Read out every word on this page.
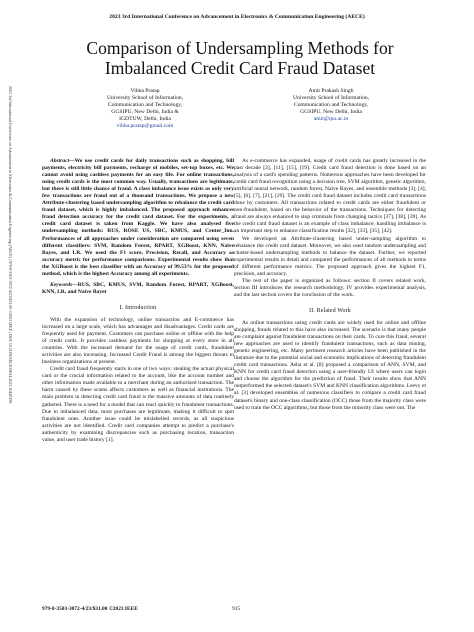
2023 3rd International Conference on Advancement in Electronics & Communication Engineering (AECE)
2023 3rd International Conference on Advancement in Electronics & Communication Engineering (AECE) | 979-8-3503-3072-4/23/$31.00 ©2023 IEEE | DOI: 10.1109/AECE59614.2023.10428199
Comparison of Undersampling Methods for
Imbalanced Credit Card Fraud Dataset
Vibha Pratap
University School of Information,
Communication and Technology,
GGSIPU, New Delhi, India &
IGDTUW, Delhi, India
vibha.pratap@gmail.com
Amit Prakash Singh
University School of Information,
Communication and Technology,
GGSIPU, New Delhi, India
amit@ipu.ac.in

Abstract—We use credit cards for daily transactions such as shopping, bill payments, electricity bill payments, recharge of mobiles, set-top boxes, etc. We cannot avoid using cashless payments for an easy life. For online transactions, using credit cards is the most common way. Usually, transactions are legitimate, but there is still little chance of fraud. A class imbalance issue exists as only very few transactions are fraud out of a thousand transactions. We propose a new Attribute-clustering based undersampling algorithm to rebalance the credit card fraud dataset, which is highly imbalanced. The proposed approach enhances fraud detection accuracy for the credit card dataset. For the experiments, a credit card dataset is taken from Kaggle. We have also analysed five undersampling methods: RUS, ROSE US, SBC, KMUS, and Center_Inn. Performances of all approaches under consideration are compared using seven different classifiers: SVM, Random Forest, RPART, XGBoost, KNN, Naive Bayes, and LR. We used the F1 score, Precision, Recall, and Accuracy as accuracy metric for performance comparisons. Experimental results show that the XGBoost is the best classifier with an Accuracy of 99.53% for the proposed method, which is the highest Accuracy among all experiments.

Keywords—RUS, SBC, KMUS, SVM, Random Forest, RPART, XGBoost, KNN, LR, and Naive Bayet

I. Introduction

With the expansion of technology, online transaction and E-commerce has increased on a large scale, which has advantages and disadvantages. Credit cards are frequently used for payment. Customers can purchase online or offline with the help of credit cards. It provides cashless payments for shopping at every store in all countries. With the increased demand for the usage of credit cards, fraudulent activities are also increasing. Increased Credit Fraud is among the biggest threats to business organizations at present.

Credit card fraud frequently starts in one of two ways: stealing the actual physical card or the crucial information related to the account, like the account number and other information made available to a merchant during an authorized transaction. The harm caused by these scams affects customers as well as financial institutions. The main problem in detecting credit card fraud is the massive amounts of data routinely gathered. There is a need for a model that can react quickly to fraudulent transactions. Due to imbalanced data, most purchases are legitimate, making it difficult to spot fraudulent ones. Another issue could be mislabelled records, as all suspicious activities are not identified. Credit card companies attempt to predict a purchase's authenticity by examining discrepancies such as purchasing location, transaction value, and user trade history [1].

As e-commerce has expanded, usage of credit cards has greatly increased in the past decade [2], [11], [15], [19]. Credit card fraud detection is done based on an analysis of a card's spending patterns. Numerous approaches have been developed for credit card fraud recognition using a decision tree, SVM algorithm, genetic algorithm, artificial neural network, random forest, Naive Bayes, and ensemble methods [3], [4], [5], [6], [7], [21], [29]. The credit card fraud dataset includes credit card transactions done by customers. All transactions related to credit cards are either fraudulent or non-fraudulent, based on the behavior of the transactions. Techniques for detecting fraud are always enhanced to stop criminals from changing tactics [37], [38], [39]. As the credit card fraud dataset is an example of class imbalance, handling imbalance is an important step to enhance classification results [32], [33], [35], [42].

We developed an Attribute-clustering based under-sampling algorithm to rebalance the credit card dataset. Moreover, we also used random undersampling and cluster-based undersampling methods to balance the dataset. Further, we reported experimental results in detail and compared the performances of all methods in terms of different performance metrics. The proposed approach gives the highest F1, precision, and accuracy.

The rest of the paper is organized as follows: section II covers related work, section III introduces the research methodology, IV provides experimental analysis, and the last section covers the conclusion of the work.

II. Related Work

As online transactions using credit cards are widely used for online and offline shopping, frauds related to this have also increased. The scenario is that many people are complaint against fraudulent transactions on their cards. To cure this fraud, several new approaches are used to identify fraudulent transactions, such as data mining, genetic engineering, etc. Many pertinent research articles have been published in the literature due to the potential social and economic implications of detecting fraudulent credit card transactions. Asha et al. [8] proposed a comparison of ANN, SVM, and KNN for credit card fraud detection using a user-friendly UI where users can login and choose the algorithm for the prediction of fraud. Their results show that ANN outperformed the selected dataset's SVM and KNN classification algorithms. Leevy et al. [3] developed ensembles of numerous classifiers to compare a credit card fraud dataset's binary and one-class classification (OCC) those from the majority class were used to train the OCC algorithms, but those from the minority class were not. The

979-8-3503-3072-4/23/$31.00 ©2023 IEEE	915
